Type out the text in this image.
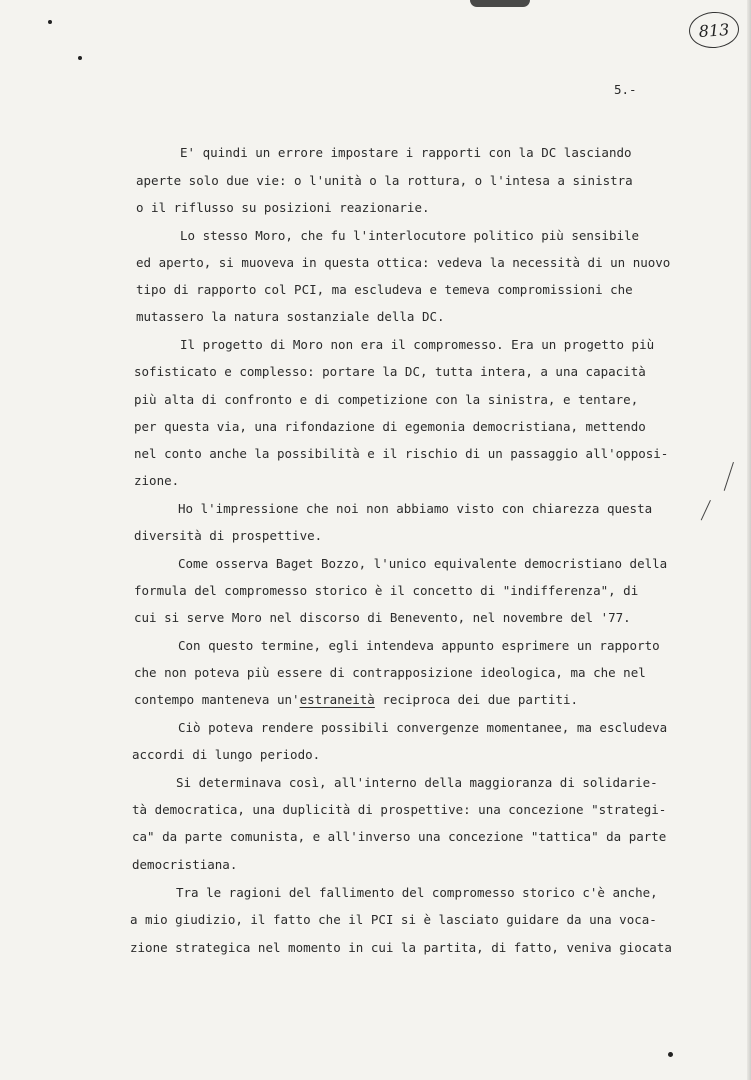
813
5.-
E' quindi un errore impostare i rapporti con la DC lasciando
aperte solo due vie: o l'unità o la rottura, o l'intesa a sinistra
o il riflusso su posizioni reazionarie.
Lo stesso Moro, che fu l'interlocutore politico più sensibile
ed aperto, si muoveva in questa ottica: vedeva la necessità di un nuovo
tipo di rapporto col PCI, ma escludeva e temeva compromissioni che
mutassero la natura sostanziale della DC.
Il progetto di Moro non era il compromesso. Era un progetto più
sofisticato e complesso: portare la DC, tutta intera, a una capacità
più alta di confronto e di competizione con la sinistra, e tentare,
per questa via, una rifondazione di egemonia democristiana, mettendo
nel conto anche la possibilità e il rischio di un passaggio all'opposi-
zione.
Ho l'impressione che noi non abbiamo visto con chiarezza questa
diversità di prospettive.
Come osserva Baget Bozzo, l'unico equivalente democristiano della
formula del compromesso storico è il concetto di "indifferenza", di
cui si serve Moro nel discorso di Benevento, nel novembre del '77.
Con questo termine, egli intendeva appunto esprimere un rapporto
che non poteva più essere di contrapposizione ideologica, ma che nel
contempo manteneva un'estraneità reciproca dei due partiti.
Ciò poteva rendere possibili convergenze momentanee, ma escludeva
accordi di lungo periodo.
Si determinava così, all'interno della maggioranza di solidarie-
tà democratica, una duplicità di prospettive: una concezione "strategi-
ca" da parte comunista, e all'inverso una concezione "tattica" da parte
democristiana.
Tra le ragioni del fallimento del compromesso storico c'è anche,
a mio giudizio, il fatto che il PCI si è lasciato guidare da una voca-
zione strategica nel momento in cui la partita, di fatto, veniva giocata
